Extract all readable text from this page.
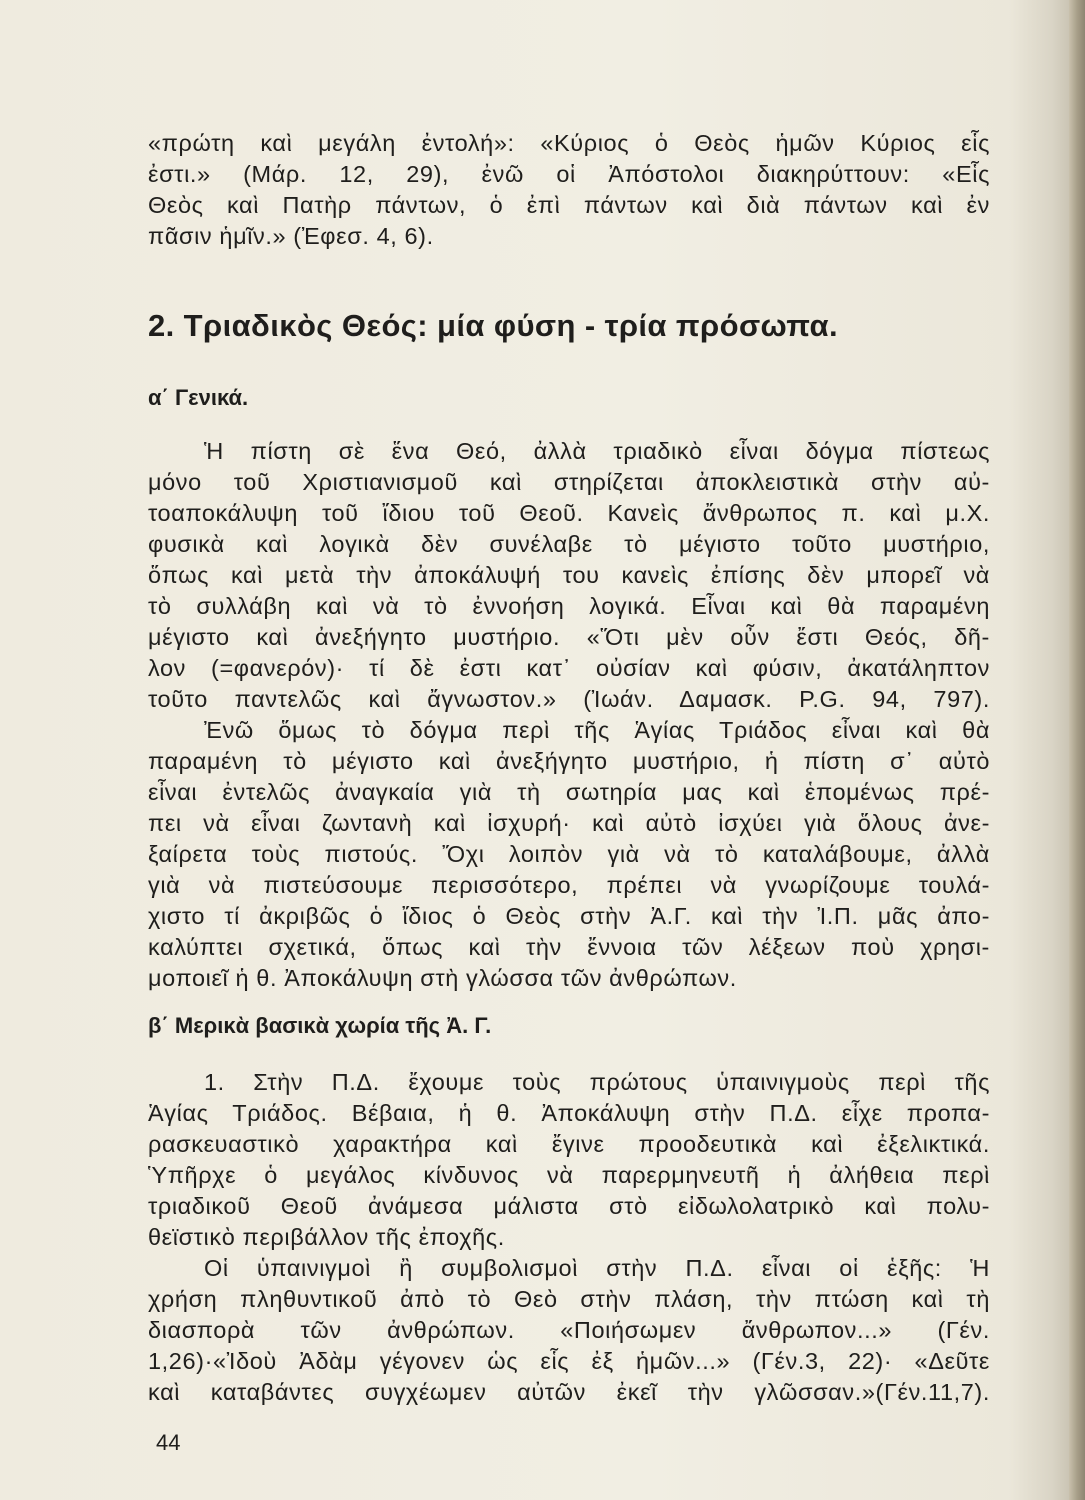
«πρώτη καὶ μεγάλη ἐντολή»: «Κύριος ὁ Θεὸς ἡμῶν Κύριος εἷς
ἐστι.» (Μάρ. 12, 29), ἐνῶ οἱ Ἀπόστολοι διακηρύττουν: «Εἷς
Θεὸς καὶ Πατὴρ πάντων, ὁ ἐπὶ πάντων καὶ διὰ πάντων καὶ ἐν
πᾶσιν ἡμῖν.» (Ἐφεσ. 4, 6).
2. Τριαδικὸς Θεός: μία φύση - τρία πρόσωπα.
α΄ Γενικά.
Ἡ πίστη σὲ ἕνα Θεό, ἀλλὰ τριαδικὸ εἶναι δόγμα πίστεως
μόνο τοῦ Χριστιανισμοῦ καὶ στηρίζεται ἀποκλειστικὰ στὴν αὐ-
τοαποκάλυψη τοῦ ἴδιου τοῦ Θεοῦ. Κανεὶς ἄνθρωπος π. καὶ μ.Χ.
φυσικὰ καὶ λογικὰ δὲν συνέλαβε τὸ μέγιστο τοῦτο μυστήριο,
ὅπως καὶ μετὰ τὴν ἀποκάλυψή του κανεὶς ἐπίσης δὲν μπορεῖ νὰ
τὸ συλλάβη καὶ νὰ τὸ ἐννοήση λογικά. Εἶναι καὶ θὰ παραμένη
μέγιστο καὶ ἀνεξήγητο μυστήριο. «Ὅτι μὲν οὖν ἔστι Θεός, δῆ-
λον (=φανερόν)· τί δὲ ἐστι κατ᾽ οὐσίαν καὶ φύσιν, ἀκατάληπτον
τοῦτο παντελῶς καὶ ἄγνωστον.» (Ἰωάν. Δαμασκ. P.G. 94, 797).
Ἐνῶ ὅμως τὸ δόγμα περὶ τῆς Ἁγίας Τριάδος εἶναι καὶ θὰ
παραμένη τὸ μέγιστο καὶ ἀνεξήγητο μυστήριο, ἡ πίστη σ᾽ αὐτὸ
εἶναι ἐντελῶς ἀναγκαία γιὰ τὴ σωτηρία μας καὶ ἑπομένως πρέ-
πει νὰ εἶναι ζωντανὴ καὶ ἰσχυρή· καὶ αὐτὸ ἰσχύει γιὰ ὅλους ἀνε-
ξαίρετα τοὺς πιστούς. Ὄχι λοιπὸν γιὰ νὰ τὸ καταλάβουμε, ἀλλὰ
γιὰ νὰ πιστεύσουμε περισσότερο, πρέπει νὰ γνωρίζουμε τουλά-
χιστο τί ἀκριβῶς ὁ ἴδιος ὁ Θεὸς στὴν Ἀ.Γ. καὶ τὴν Ἰ.Π. μᾶς ἀπο-
καλύπτει σχετικά, ὅπως καὶ τὴν ἔννοια τῶν λέξεων ποὺ χρησι-
μοποιεῖ ἡ θ. Ἀποκάλυψη στὴ γλώσσα τῶν ἀνθρώπων.
β΄ Μερικὰ βασικὰ χωρία τῆς Ἀ. Γ.
1. Στὴν Π.Δ. ἔχουμε τοὺς πρώτους ὑπαινιγμοὺς περὶ τῆς
Ἁγίας Τριάδος. Βέβαια, ἡ θ. Ἀποκάλυψη στὴν Π.Δ. εἶχε προπα-
ρασκευαστικὸ χαρακτήρα καὶ ἔγινε προοδευτικὰ καὶ ἐξελικτικά.
Ὑπῆρχε ὁ μεγάλος κίνδυνος νὰ παρερμηνευτῆ ἡ ἀλήθεια περὶ
τριαδικοῦ Θεοῦ ἀνάμεσα μάλιστα στὸ εἰδωλολατρικὸ καὶ πολυ-
θεϊστικὸ περιβάλλον τῆς ἐποχῆς.
Οἱ ὑπαινιγμοὶ ἢ συμβολισμοὶ στὴν Π.Δ. εἶναι οἱ ἑξῆς: Ἡ
χρήση πληθυντικοῦ ἀπὸ τὸ Θεὸ στὴν πλάση, τὴν πτώση καὶ τὴ
διασπορὰ τῶν ἀνθρώπων. «Ποιήσωμεν ἄνθρωπον...» (Γέν.
1,26)·«Ἰδοὺ Ἀδὰμ γέγονεν ὡς εἷς ἐξ ἡμῶν...» (Γέν.3, 22)· «Δεῦτε
καὶ καταβάντες συγχέωμεν αὐτῶν ἐκεῖ τὴν γλῶσσαν.»(Γέν.11,7).
44
